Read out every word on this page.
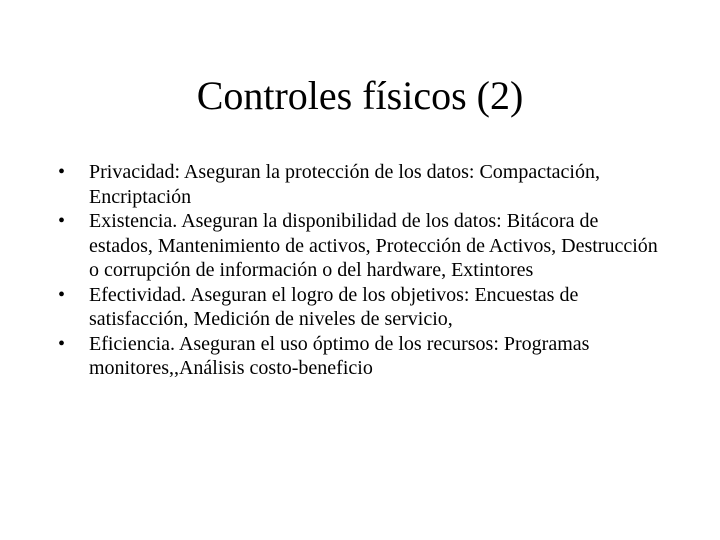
Controles físicos (2)
•	Privacidad: Aseguran la protección de los datos: Compactación, Encriptación
•	Existencia. Aseguran la disponibilidad de los datos: Bitácora de estados, Mantenimiento de activos, Protección de Activos, Destrucción o corrupción de información o del hardware, Extintores
•	Efectividad. Aseguran el logro de los objetivos: Encuestas de satisfacción, Medición de niveles de servicio,
•	Eficiencia. Aseguran el uso óptimo de los recursos: Programas monitores,,Análisis costo-beneficio
